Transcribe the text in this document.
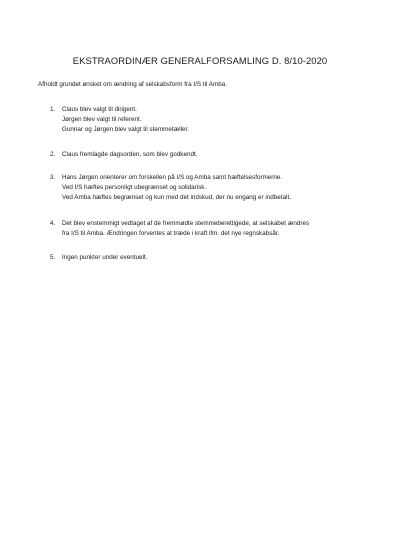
EKSTRAORDINÆR GENERALFORSAMLING D. 8/10-2020

Afholdt grundet ønsket om ændring af selskabsform fra I/S til Amba.

1. Claus blev valgt til dirigent.
Jørgen blev valgt til referent.
Gunnar og Jørgen blev valgt til stemmetæller.
2. Claus fremlagde dagsorden, som blev godkendt.
3. Hans Jørgen orienterer om forskellen på I/S og Amba samt hæftelsesformerne.
Ved I/S hæftes personligt ubegrænset og solidarisk.
Ved Amba hæftes begrænset og kun med det indskud, der nu engang er indbetalt.
4. Det blev enstemmigt vedtaget af de fremmødte stemmeberettigede, at selskabet ændres
fra I/S til Amba. Ændringen forventes at træde i kraft ifm. det nye regnskabsår.
5. Ingen punkter under eventuelt.
